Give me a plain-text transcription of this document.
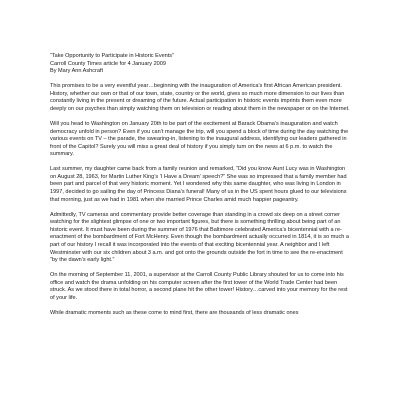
“Take Opportunity to Participate in Historic Events”

Carroll County Times article for 4 January 2009

By Mary Ann Ashcraft

This promises to be a very eventful year…beginning with the inauguration of America’s first African American president. History, whether our own or that of our town, state, country or the world, gives so much more dimension to our lives than constantly living in the present or dreaming of the future. Actual participation in historic events imprints them even more deeply on our psyches than simply watching them on television or reading about them in the newspaper or on the Internet.

Will you head to Washington on January 20th to be part of the excitement at Barack Obama’s inauguration and watch democracy unfold in person? Even if you can’t manage the trip, will you spend a block of time during the day watching the various events on TV – the parade, the swearing-in, listening to the inaugural address, identifying our leaders gathered in front of the Capitol? Surely you will miss a great deal of history if you simply turn on the news at 6 p.m. to watch the summary.

Last summer, my daughter came back from a family reunion and remarked, “Did you know Aunt Lucy was in Washington on August 28, 1963, for Martin Luther King’s ‘I Have a Dream’ speech?” She was so impressed that a family member had been part and parcel of that very historic moment. Yet I wondered why this same daughter, who was living in London in 1997, decided to go sailing the day of Princess Diana’s funeral! Many of us in the US spent hours glued to our televisions that morning, just as we had in 1981 when she married Prince Charles amid much happier pageantry.

Admittedly, TV cameras and commentary provide better coverage than standing in a crowd six deep on a street corner watching for the slightest glimpse of one or two important figures, but there is something thrilling about being part of an historic event. It must have been during the summer of 1976 that Baltimore celebrated America’s bicentennial with a re-enactment of the bombardment of Fort McHenry. Even though the bombardment actually occurred in 1814, it is so much a part of our history I recall it was incorporated into the events of that exciting bicentennial year. A neighbor and I left Westminster with our six children about 3 a.m. and got onto the grounds outside the fort in time to see the re-enactment “by the dawn’s early light.”

On the morning of September 11, 2001, a supervisor at the Carroll County Public Library shouted for us to come into his office and watch the drama unfolding on his computer screen after the first tower of the World Trade Center had been struck. As we stood there in total horror, a second plane hit the other tower! History…carved into your memory for the rest of your life.

While dramatic moments such as these come to mind first, there are thousands of less dramatic ones
